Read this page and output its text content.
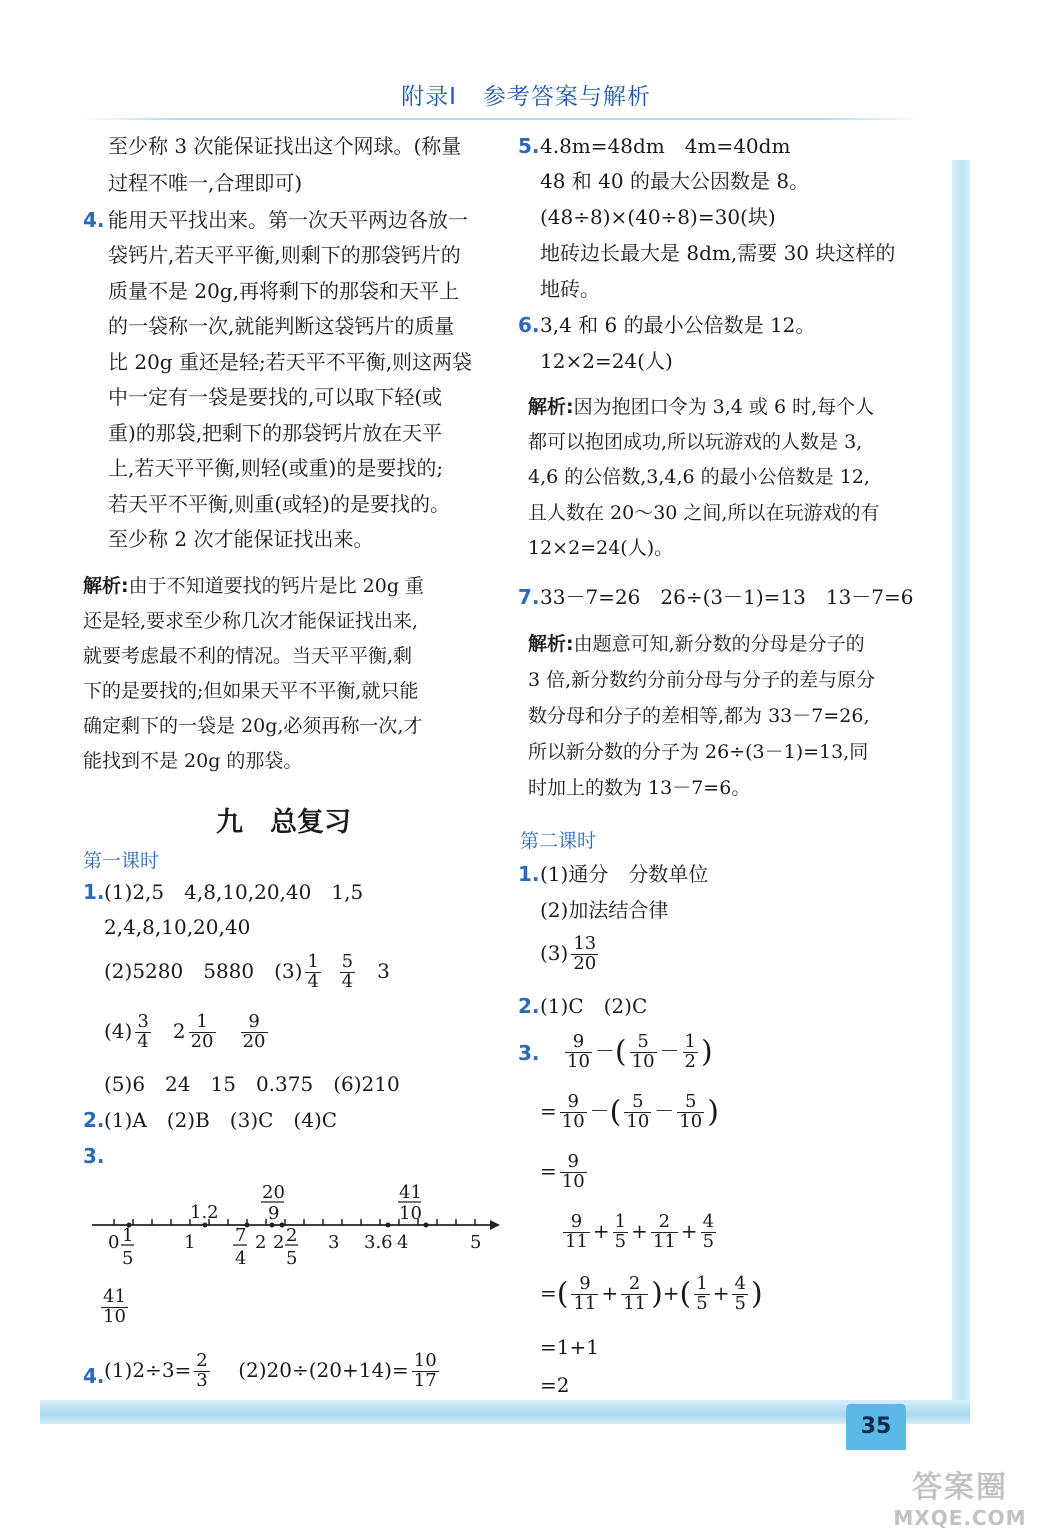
附录Ⅰ 参考答案与解析
至少称 3 次能保证找出这个网球。(称量
过程不唯一,合理即可)
4. 能用天平找出来。第一次天平两边各放一
袋钙片,若天平平衡,则剩下的那袋钙片的
质量不是 20g,再将剩下的那袋和天平上
的一袋称一次,就能判断这袋钙片的质量
比 20g 重还是轻;若天平不平衡,则这两袋
中一定有一袋是要找的,可以取下轻(或
重)的那袋,把剩下的那袋钙片放在天平
上,若天平平衡,则轻(或重)的是要找的;
若天平不平衡,则重(或轻)的是要找的。
至少称 2 次才能保证找出来。
解析:由于不知道要找的钙片是比 20g 重
还是轻,要求至少称几次才能保证找出来,
就要考虑最不利的情况。当天平平衡,剩
下的是要找的;但如果天平不平衡,就只能
确定剩下的一袋是 20g,必须再称一次,才
能找到不是 20g 的那袋。
九　总复习
第一课时
1. (1)2,5　4,8,10,20,40　1,5
2,4,8,10,20,40
(2)5280　5880　$(3) \frac{1}{4}$
$\frac{5}{4} 3$
$(4) \frac{3}{4} 2 \frac{1}{20}$
$\frac{9}{20}$
(5)6　24　15　0.375　(6)210
2. (1)A　(2)B　(3)C　(4)C
3.
0	1	2	3	4	5
1
5
7
4
2 2
5
3.6
1.2
20
9
41
10
$\frac{41}{10}$
4. $(1)2\div 3= \frac{2}{3} (2)20\div(20+14)= \frac{10}{17}$
5. 4.8m=48dm　4m=40dm
48 和 40 的最大公因数是 8。
(48÷8)×(40÷8)=30(块)
地砖边长最大是 8dm,需要 30 块这样的
地砖。
6. 3,4 和 6 的最小公倍数是 12。
12×2=24(人)
解析:因为抱团口令为 3,4 或 6 时,每个人
都可以抱团成功,所以玩游戏的人数是 3,
4,6 的公倍数,3,4,6 的最小公倍数是 12,
且人数在 20～30 之间,所以在玩游戏的有
12×2=24(人)。
7. 33－7=26　26÷(3－1)=13　13－7=6
解析:由题意可知,新分数的分母是分子的
3 倍,新分数约分前分母与分子的差与原分
数分母和分子的差相等,都为 33－7=26,
所以新分数的分子为 26÷(3－1)=13,同
时加上的数为 13－7=6。
第二课时
1. (1)通分　分数单位
(2)加法结合律
$(3) \frac{13}{20}$
2. (1)C　(2)C
3. $\frac{9}{10}$ －( $\frac{5}{10} - \frac{1}{2}$ )
= $\frac{9}{10}$ －( $\frac{5}{10} - \frac{5}{10}$ )
= $\frac{9}{10}$
$\frac{9}{11} + \frac{1}{5} + \frac{2}{11} + \frac{4}{5}$
=( $\frac{9}{11} + \frac{2}{11}$ )+( $\frac{1}{5} + \frac{4}{5}$ )
=1+1
=2
35
答案圈
MXQE.COM
